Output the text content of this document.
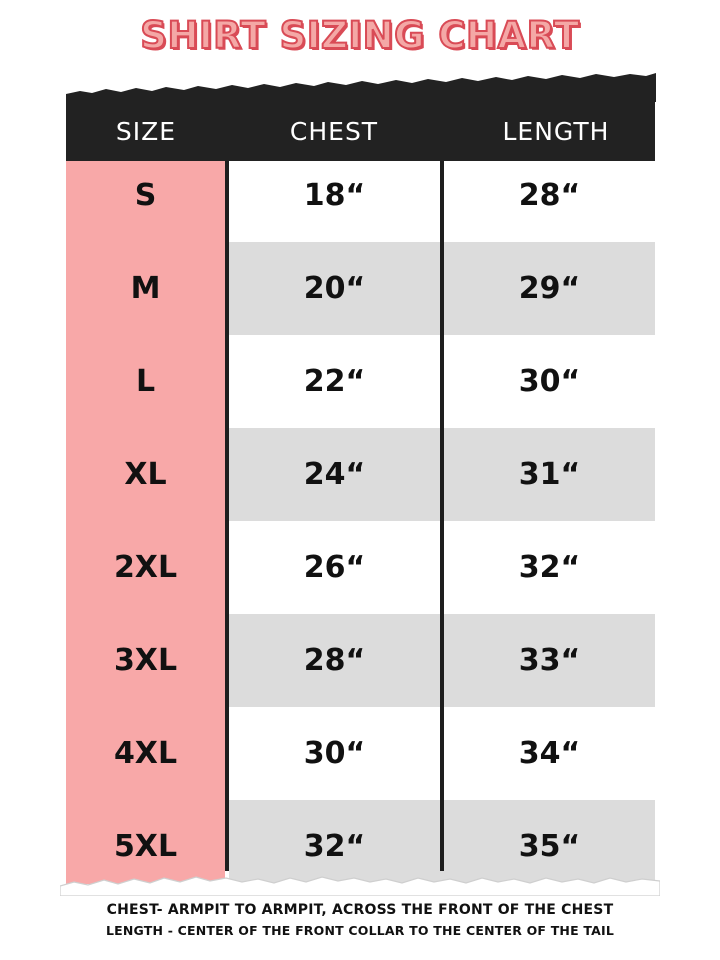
SHIRT SIZING CHART
SIZE	CHEST	LENGTH
S	18“	28“
M	20“	29“
L	22“	30“
XL	24“	31“
2XL	26“	32“
3XL	28“	33“
4XL	30“	34“
5XL	32“	35“
CHEST- ARMPIT TO ARMPIT, ACROSS THE FRONT OF THE CHEST
LENGTH - CENTER OF THE FRONT COLLAR TO THE CENTER OF THE TAIL
